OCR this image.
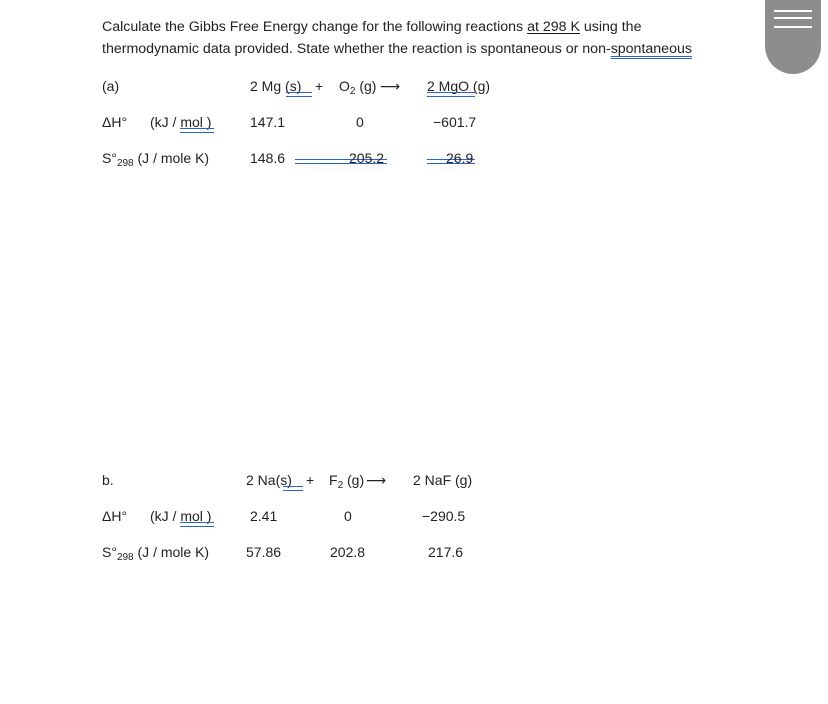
Calculate the Gibbs Free Energy change for the following reactions at 298 K using the thermodynamic data provided. State whether the reaction is spontaneous or non-spontaneous
(a)	2 Mg $(s) + O_2$ (g) ⟶ 2 MgO (g)
ΔH° (kJ / mol )	147.1	0	−601.7
$S^\circ_{298}$ (J / mole K)	148.6	205.2	26.9
b.	2 $Na(s) + F_2$ (g) ⟶ 2 NaF (g)
ΔH° (kJ / mol )	2.41	0	−290.5
$S^\circ_{298}$ (J / mole K)	57.86	202.8	217.6
